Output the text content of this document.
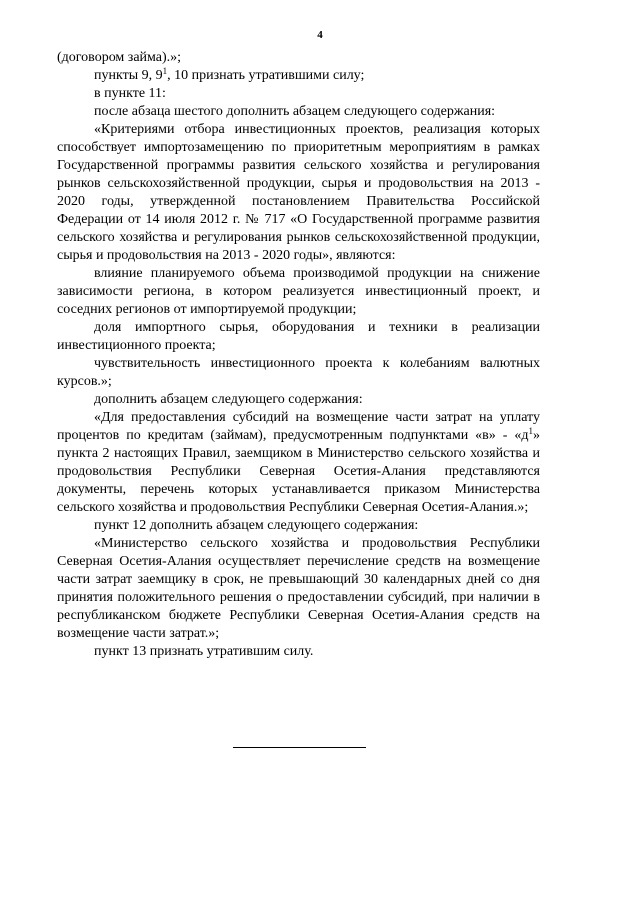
4

(договором займа).»;

пункты 9, $9^1$, 10 признать утратившими силу;

в пункте 11:

после абзаца шестого дополнить абзацем следующего содержания:

«Критериями отбора инвестиционных проектов, реализация которых способствует импортозамещению по приоритетным мероприятиям в рамках Государственной программы развития сельского хозяйства и регулирования рынков сельскохозяйственной продукции, сырья и продовольствия на 2013 - 2020 годы, утвержденной постановлением Правительства Российской Федерации от 14 июля 2012 г. № 717 «О Государственной программе развития сельского хозяйства и регулирования рынков сельскохозяйственной продукции, сырья и продовольствия на 2013 - 2020 годы», являются:

влияние планируемого объема производимой продукции на снижение зависимости региона, в котором реализуется инвестиционный проект, и соседних регионов от импортируемой продукции;

доля импортного сырья, оборудования и техники в реализации инвестиционного проекта;

чувствительность инвестиционного проекта к колебаниям валютных курсов.»;

дополнить абзацем следующего содержания:

«Для предоставления субсидий на возмещение части затрат на уплату процентов по кредитам (займам), предусмотренным подпунктами «в» - «$д^1$» пункта 2 настоящих Правил, заемщиком в Министерство сельского хозяйства и продовольствия Республики Северная Осетия-Алания представляются документы, перечень которых устанавливается приказом Министерства сельского хозяйства и продовольствия Республики Северная Осетия-Алания.»;

пункт 12 дополнить абзацем следующего содержания:

«Министерство сельского хозяйства и продовольствия Республики Северная Осетия-Алания осуществляет перечисление средств на возмещение части затрат заемщику в срок, не превышающий 30 календарных дней со дня принятия положительного решения о предоставлении субсидий, при наличии в республиканском бюджете Республики Северная Осетия-Алания средств на возмещение части затрат.»;

пункт 13 признать утратившим силу.
